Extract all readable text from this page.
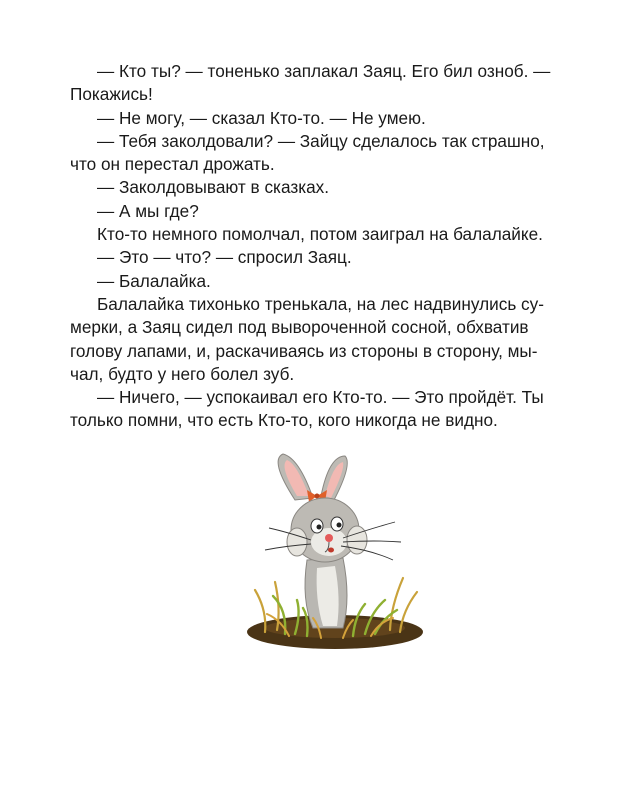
— Кто ты? — тоненько заплакал Заяц. Его бил озноб. —
Покажись!
— Не могу, — сказал Кто-то. — Не умею.
— Тебя заколдовали? — Зайцу сделалось так страшно,
что он перестал дрожать.
— Заколдовывают в сказках.
— А мы где?
Кто-то немного помолчал, потом заиграл на балалайке.
— Это — что? — спросил Заяц.
— Балалайка.
Балалайка тихонько тренькала, на лес надвинулись су-
мерки, а Заяц сидел под вывороченной сосной, обхватив
голову лапами, и, раскачиваясь из стороны в сторону, мы-
чал, будто у него болел зуб.
— Ничего, — успокаивал его Кто-то. — Это пройдёт. Ты
только помни, что есть Кто-то, кого никогда не видно.
